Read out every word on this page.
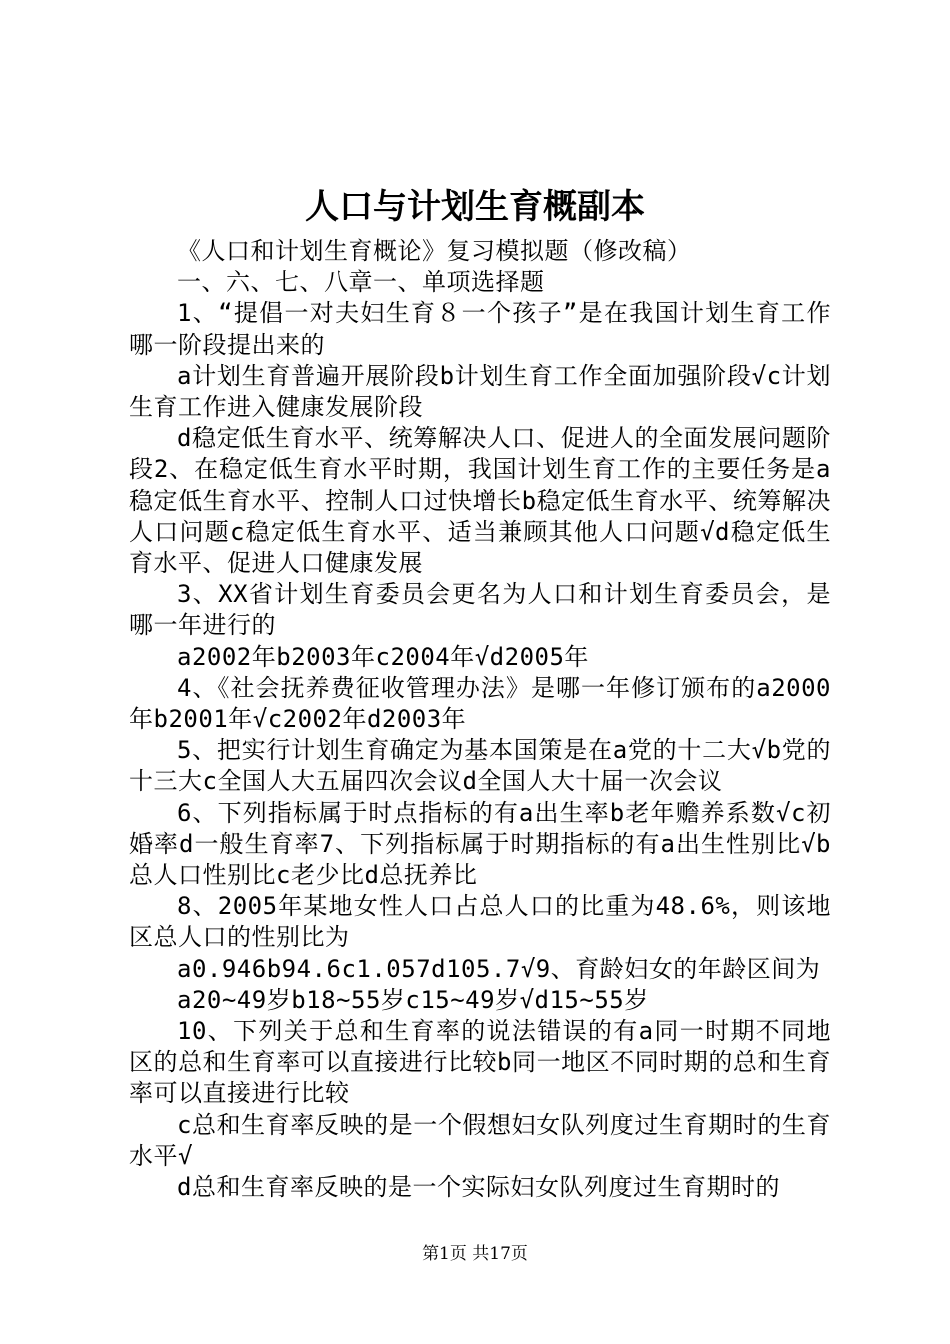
人口与计划生育概副本

《人口和计划生育概论》复习模拟题（修改稿）

一、六、七、八章一、单项选择题

1、“提倡一对夫妇生育８一个孩子”是在我国计划生育工作哪一阶段提出来的

a计划生育普遍开展阶段b计划生育工作全面加强阶段√c计划生育工作进入健康发展阶段

d稳定低生育水平、统筹解决人口、促进人的全面发展问题阶段2、在稳定低生育水平时期，我国计划生育工作的主要任务是a稳定低生育水平、控制人口过快增长b稳定低生育水平、统筹解决人口问题c稳定低生育水平、适当兼顾其他人口问题√d稳定低生育水平、促进人口健康发展

3、XX省计划生育委员会更名为人口和计划生育委员会，是哪一年进行的

a2002年b2003年c2004年√d2005年

4、《社会抚养费征收管理办法》是哪一年修订颁布的a2000年b2001年√c2002年d2003年

5、把实行计划生育确定为基本国策是在a党的十二大√b党的十三大c全国人大五届四次会议d全国人大十届一次会议

6、下列指标属于时点指标的有a出生率b老年赡养系数√c初婚率d一般生育率7、下列指标属于时期指标的有a出生性别比√b总人口性别比c老少比d总抚养比

8、2005年某地女性人口占总人口的比重为48.6%，则该地区总人口的性别比为

a0.946b94.6c1.057d105.7√9、育龄妇女的年龄区间为

a20~49岁b18~55岁c15~49岁√d15~55岁

10、下列关于总和生育率的说法错误的有a同一时期不同地区的总和生育率可以直接进行比较b同一地区不同时期的总和生育率可以直接进行比较

c总和生育率反映的是一个假想妇女队列度过生育期时的生育水平√

d总和生育率反映的是一个实际妇女队列度过生育期时的

第1页 共17页
